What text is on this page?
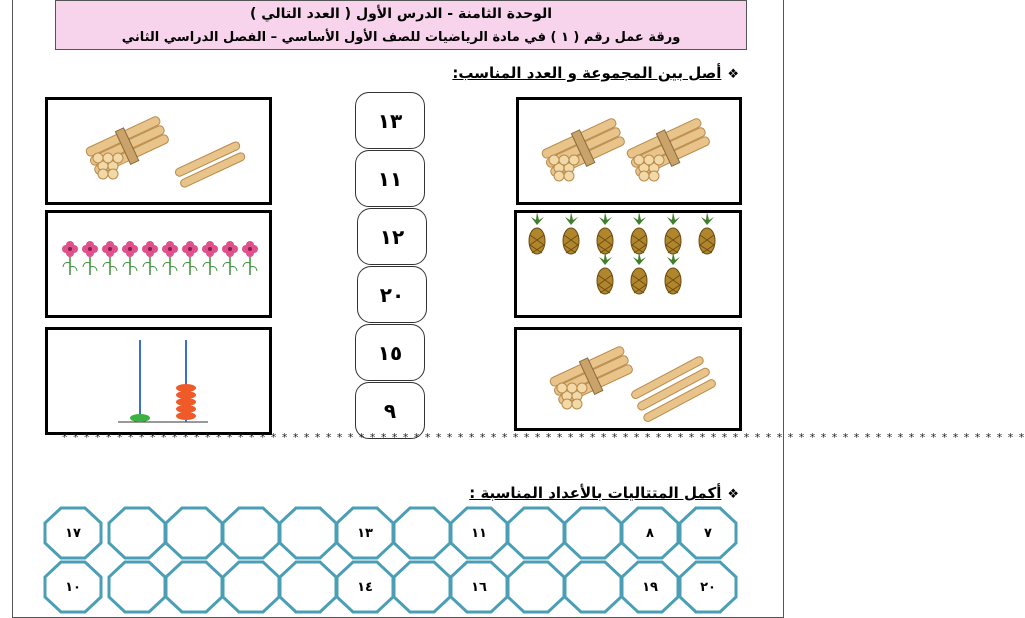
الوحدة الثامنة - الدرس الأول ( العدد التالي )
ورقة عمل رقم ( ١ ) في مادة الرياضيات للصف الأول الأساسي – الفصل الدراسي الثاني
❖أصل بين المجموعة و العدد المناسب:
١٣
١١
١٢
٢٠
١٥
٩
* * * * * * * * * * * * * * * * * * * * * * * * * * * * * * * * * * * * * * * * * * * * * * * * * * * * * * * * * * * * * * * * * * * * * * * * * * * * * * * * * * * * * * * *
❖أكمل المتتاليات بالأعداد المناسبة :
٧
٨
١١
١٣
١٧
٢٠
١٩
١٦
١٤
١٠
